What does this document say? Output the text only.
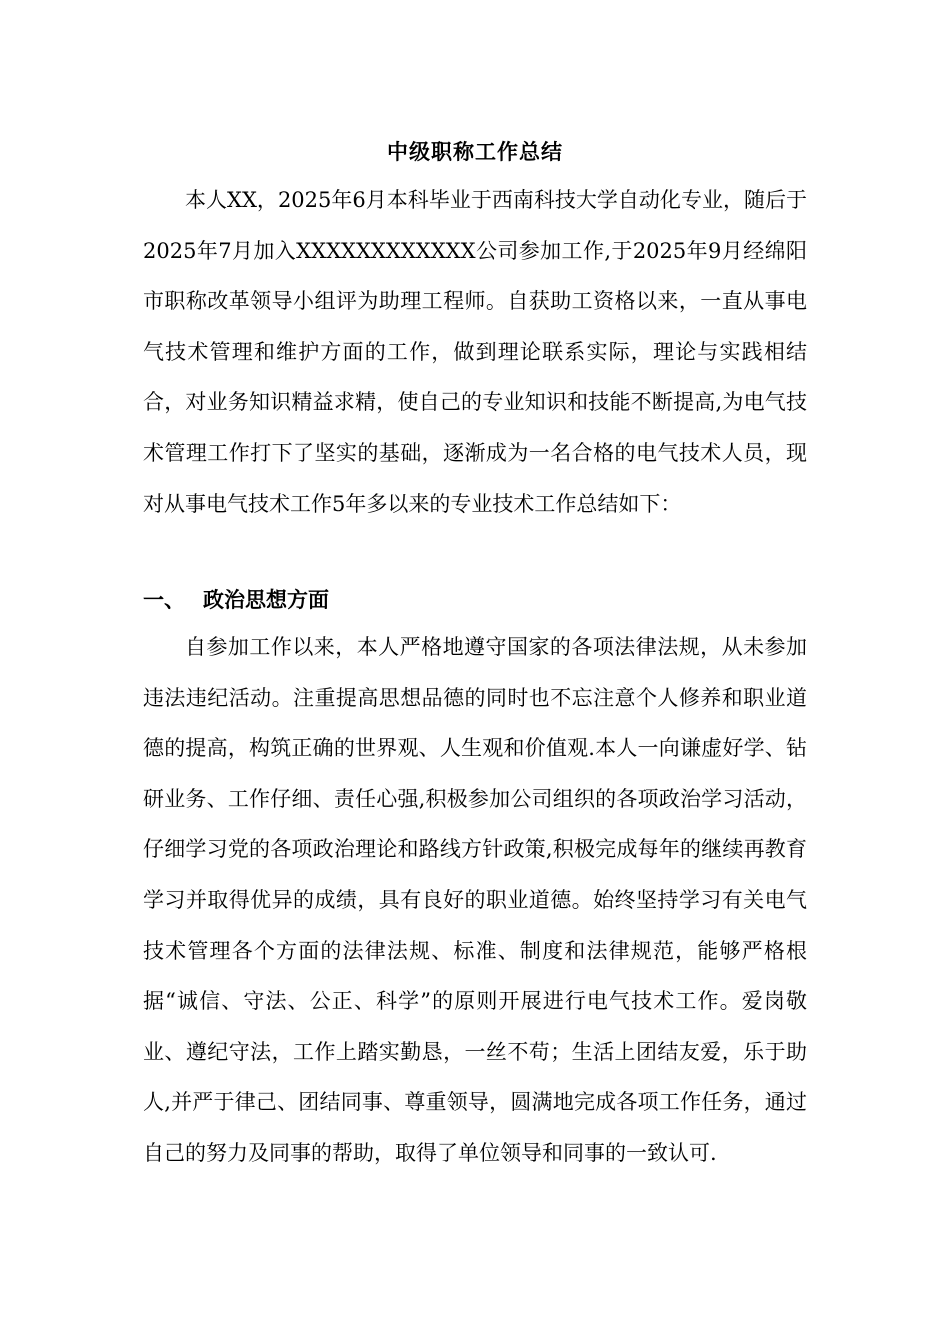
中级职称工作总结

本人XX，2025年6月本科毕业于西南科技大学自动化专业，随后于2025年7月加入XXXXXXXXXXXX公司参加工作,于2025年9月经绵阳市职称改革领导小组评为助理工程师。自获助工资格以来，一直从事电气技术管理和维护方面的工作，做到理论联系实际，理论与实践相结合，对业务知识精益求精，使自己的专业知识和技能不断提高,为电气技术管理工作打下了坚实的基础，逐渐成为一名合格的电气技术人员，现对从事电气技术工作5年多以来的专业技术工作总结如下：

一、 政治思想方面

自参加工作以来，本人严格地遵守国家的各项法律法规，从未参加违法违纪活动。注重提高思想品德的同时也不忘注意个人修养和职业道德的提高，构筑正确的世界观、人生观和价值观.本人一向谦虚好学、钻研业务、工作仔细、责任心强,积极参加公司组织的各项政治学习活动，仔细学习党的各项政治理论和路线方针政策,积极完成每年的继续再教育学习并取得优异的成绩，具有良好的职业道德。始终坚持学习有关电气技术管理各个方面的法律法规、标准、制度和法律规范，能够严格根据“诚信、守法、公正、科学”的原则开展进行电气技术工作。爱岗敬业、遵纪守法，工作上踏实勤恳，一丝不苟；生活上团结友爱，乐于助人,并严于律己、团结同事、尊重领导，圆满地完成各项工作任务，通过自己的努力及同事的帮助，取得了单位领导和同事的一致认可.
